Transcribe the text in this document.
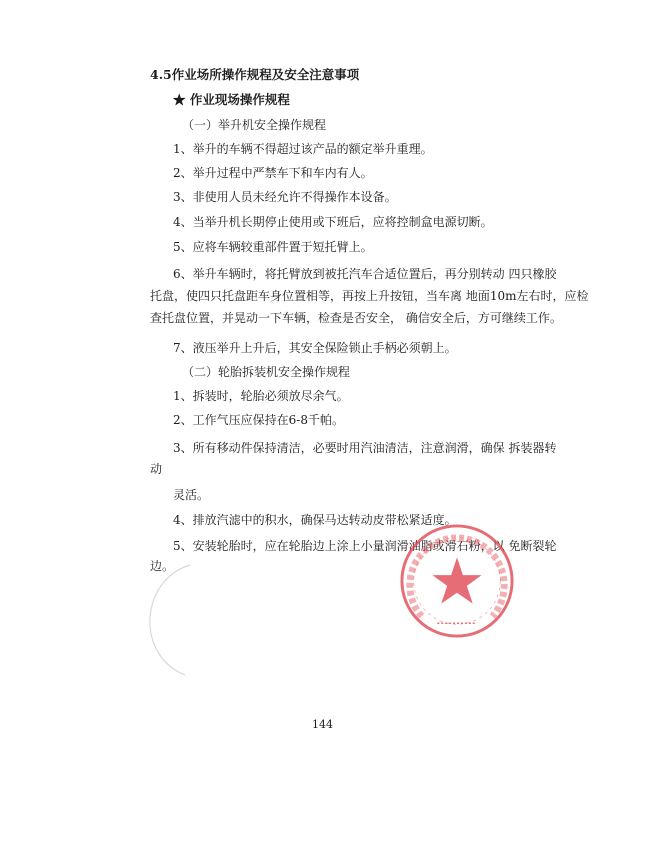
4.5作业场所操作规程及安全注意事项
★ 作业现场操作规程
（一）举升机安全操作规程
1、举升的车辆不得超过该产品的额定举升重理。
2、举升过程中严禁车下和车内有人。
3、非使用人员未经允许不得操作本设备。
4、当举升机长期停止使用或下班后，应将控制盒电源切断。
5、应将车辆较重部件置于短托臂上。
6、举升车辆时，将托臂放到被托汽车合适位置后，再分别转动 四只橡胶
托盘，使四只托盘距车身位置相等，再按上升按钮，当车离 地面10m左右时，应检
查托盘位置，并晃动一下车辆，检查是否安全， 确信安全后，方可继续工作。
7、液压举升上升后，其安全保险锁止手柄必须朝上。
（二）轮胎拆装机安全操作规程
1、拆装时，轮胎必须放尽余气。
2、工作气压应保持在6-8千帕。
3、所有移动件保持清洁，必要时用汽油清洁，注意润滑，确保 拆装器转
动
灵活。
4、排放汽滤中的积水，确保马达转动皮带松紧适度。
5、安装轮胎时，应在轮胎边上涂上小量润滑油脂或滑石粉，以 免断裂轮
边。
144
